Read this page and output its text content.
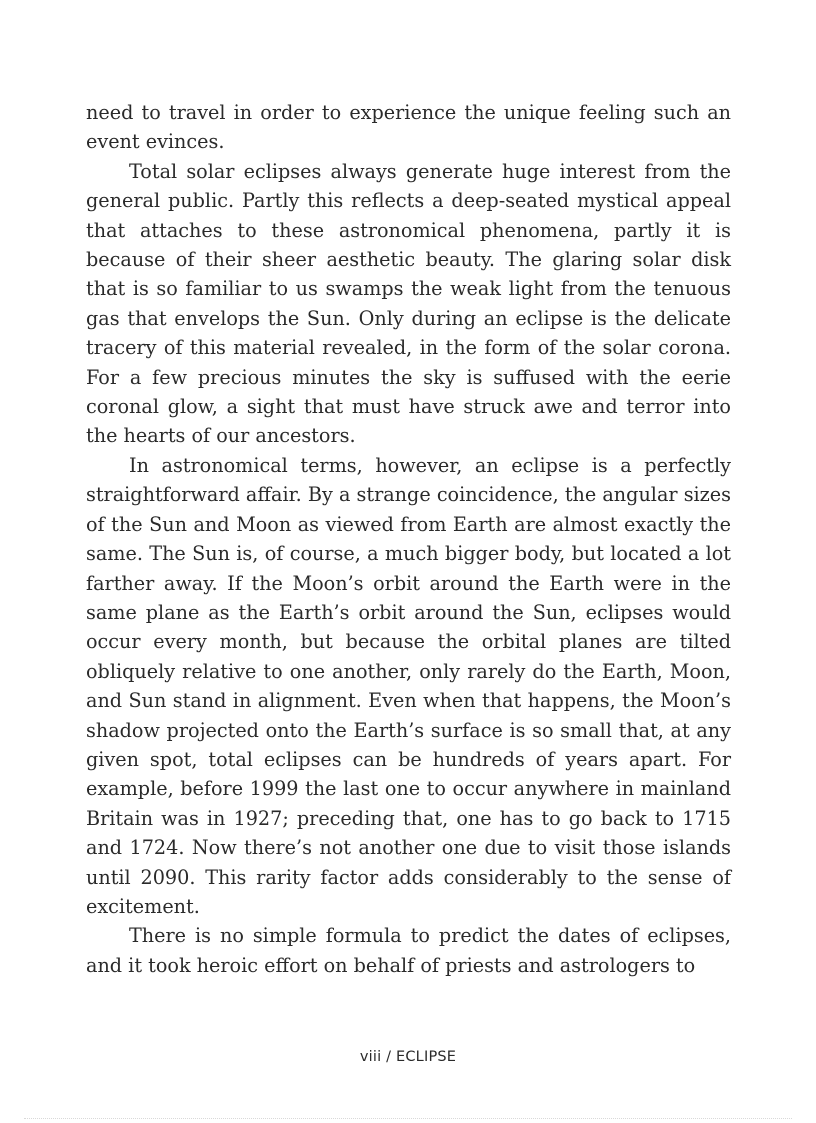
need to travel in order to experience the unique feeling such an event evinces.

Total solar eclipses always generate huge interest from the general public. Partly this reflects a deep-seated mystical appeal that attaches to these astronomical phenomena, partly it is because of their sheer aesthetic beauty. The glaring solar disk that is so familiar to us swamps the weak light from the tenuous gas that envelops the Sun. Only during an eclipse is the delicate tracery of this material revealed, in the form of the solar corona. For a few precious minutes the sky is suffused with the eerie coronal glow, a sight that must have struck awe and terror into the hearts of our ancestors.

In astronomical terms, however, an eclipse is a perfectly straightforward affair. By a strange coincidence, the angular sizes of the Sun and Moon as viewed from Earth are almost exactly the same. The Sun is, of course, a much bigger body, but located a lot farther away. If the Moon’s orbit around the Earth were in the same plane as the Earth’s orbit around the Sun, eclipses would occur every month, but because the orbital planes are tilted obliquely relative to one another, only rarely do the Earth, Moon, and Sun stand in alignment. Even when that happens, the Moon’s shadow projected onto the Earth’s surface is so small that, at any given spot, total eclipses can be hundreds of years apart. For example, before 1999 the last one to occur anywhere in mainland Britain was in 1927; preceding that, one has to go back to 1715 and 1724. Now there’s not another one due to visit those islands until 2090. This rarity factor adds considerably to the sense of excitement.

There is no simple formula to predict the dates of eclipses, and it took heroic effort on behalf of priests and astrologers to

viii / ECLIPSE
